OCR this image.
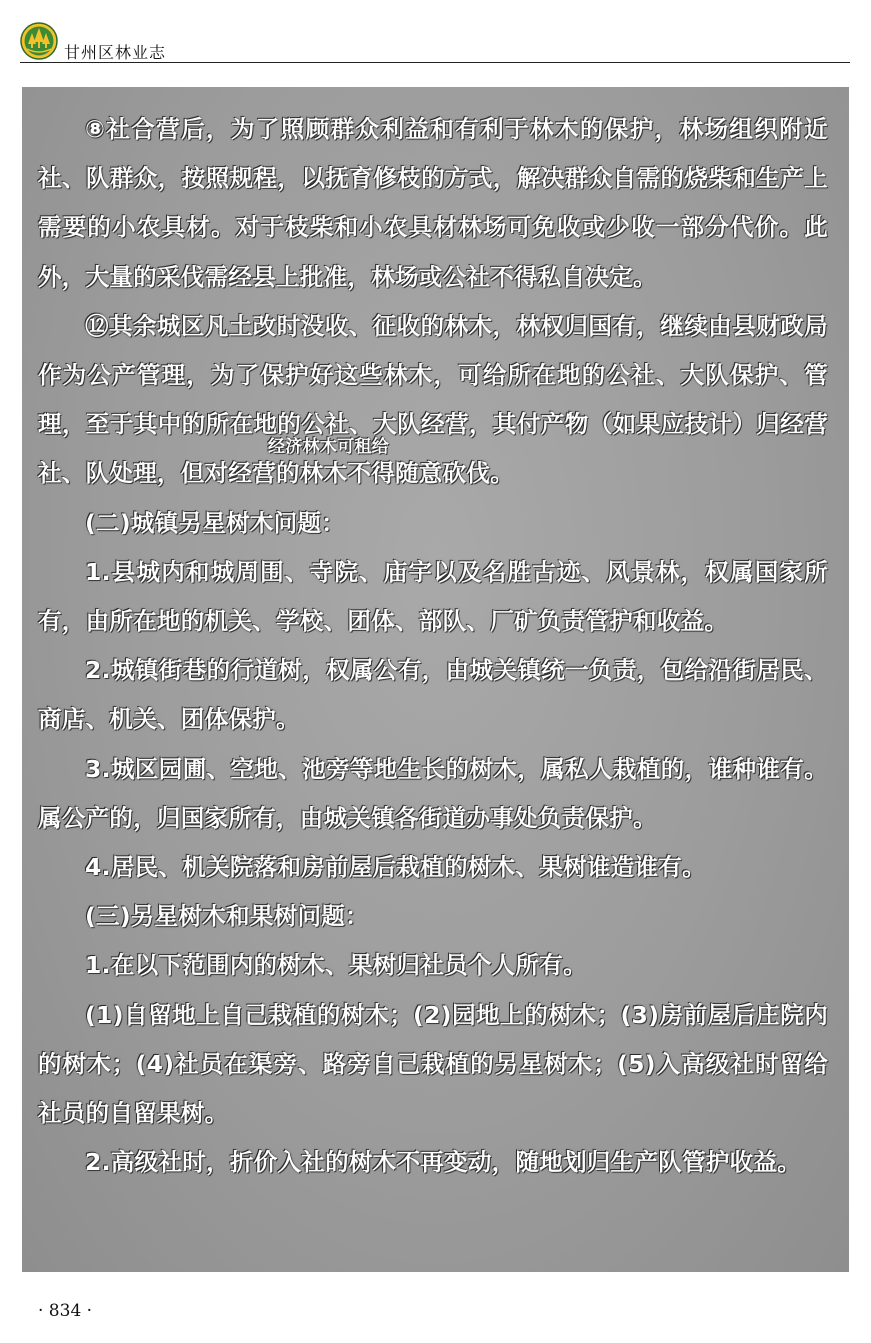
甘州区林业志

⑧社合营后，为了照顾群众利益和有利于林木的保护，林场组织附近社、队群众，按照规程，以抚育修枝的方式，解决群众自需的烧柴和生产上需要的小农具材。对于枝柴和小农具材林场可免收或少收一部分代价。此外，大量的采伐需经县上批准，林场或公社不得私自决定。

⑫其余城区凡土改时没收、征收的林木，林权归国有，继续由县财政局作为公产管理，为了保护好这些林木，可给所在地的公社、大队保护、管理，至于其中的所在地的公社、大队经营，其付产物（如果应技计）归经营社、队处理，但对经营的林木不得随意砍伐。

经济林木可租给

(二)城镇另星树木问题：

1.县城内和城周围、寺院、庙宇以及名胜古迹、风景林，权属国家所有，由所在地的机关、学校、团体、部队、厂矿负责管护和收益。

2.城镇街巷的行道树，权属公有，由城关镇统一负责，包给沿街居民、商店、机关、团体保护。

3.城区园圃、空地、池旁等地生长的树木，属私人栽植的，谁种谁有。属公产的，归国家所有，由城关镇各街道办事处负责保护。

4.居民、机关院落和房前屋后栽植的树木、果树谁造谁有。

(三)另星树木和果树问题：

1.在以下范围内的树木、果树归社员个人所有。

(1)自留地上自己栽植的树木；(2)园地上的树木；(3)房前屋后庄院内的树木；(4)社员在渠旁、路旁自己栽植的另星树木；(5)入高级社时留给社员的自留果树。

2.高级社时，折价入社的树木不再变动，随地划归生产队管护收益。

· 834 ·
